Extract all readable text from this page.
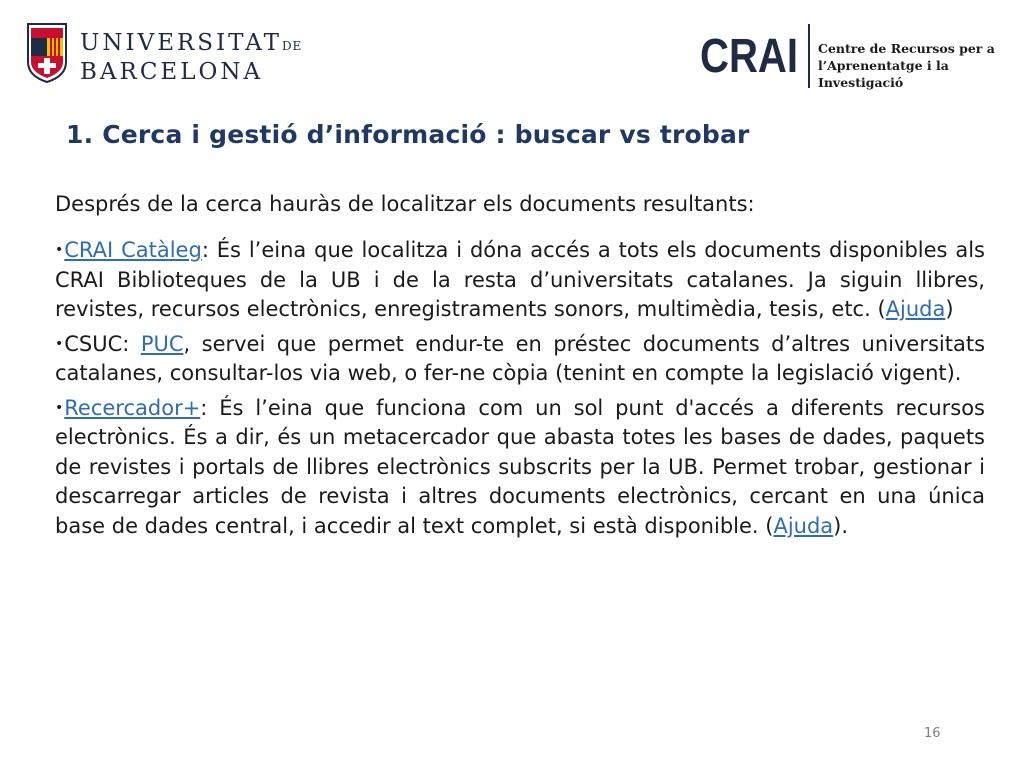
UNIVERSITATDE
BARCELONA	CRAI Centre de Recursos per a
l’Aprenentatge i la Investigació
1. Cerca i gestió d’informació : buscar vs trobar

Després de la cerca hauràs de localitzar els documents resultants:

•CRAI Catàleg: És l’eina que localitza i dóna accés a tots els documents disponibles als CRAI Biblioteques de la UB i de la resta d’universitats catalanes. Ja siguin llibres, revistes, recursos electrònics, enregistraments sonors, multimèdia, tesis, etc. (Ajuda)

•CSUC: PUC, servei que permet endur-te en préstec documents d’altres universitats catalanes, consultar-los via web, o fer-ne còpia (tenint en compte la legislació vigent).

•Recercador+: És l’eina que funciona com un sol punt d'accés a diferents recursos electrònics. És a dir, és un metacercador que abasta totes les bases de dades, paquets de revistes i portals de llibres electrònics subscrits per la UB. Permet trobar, gestionar i descarregar articles de revista i altres documents electrònics, cercant en una única base de dades central, i accedir al text complet, si està disponible. (Ajuda).

16
